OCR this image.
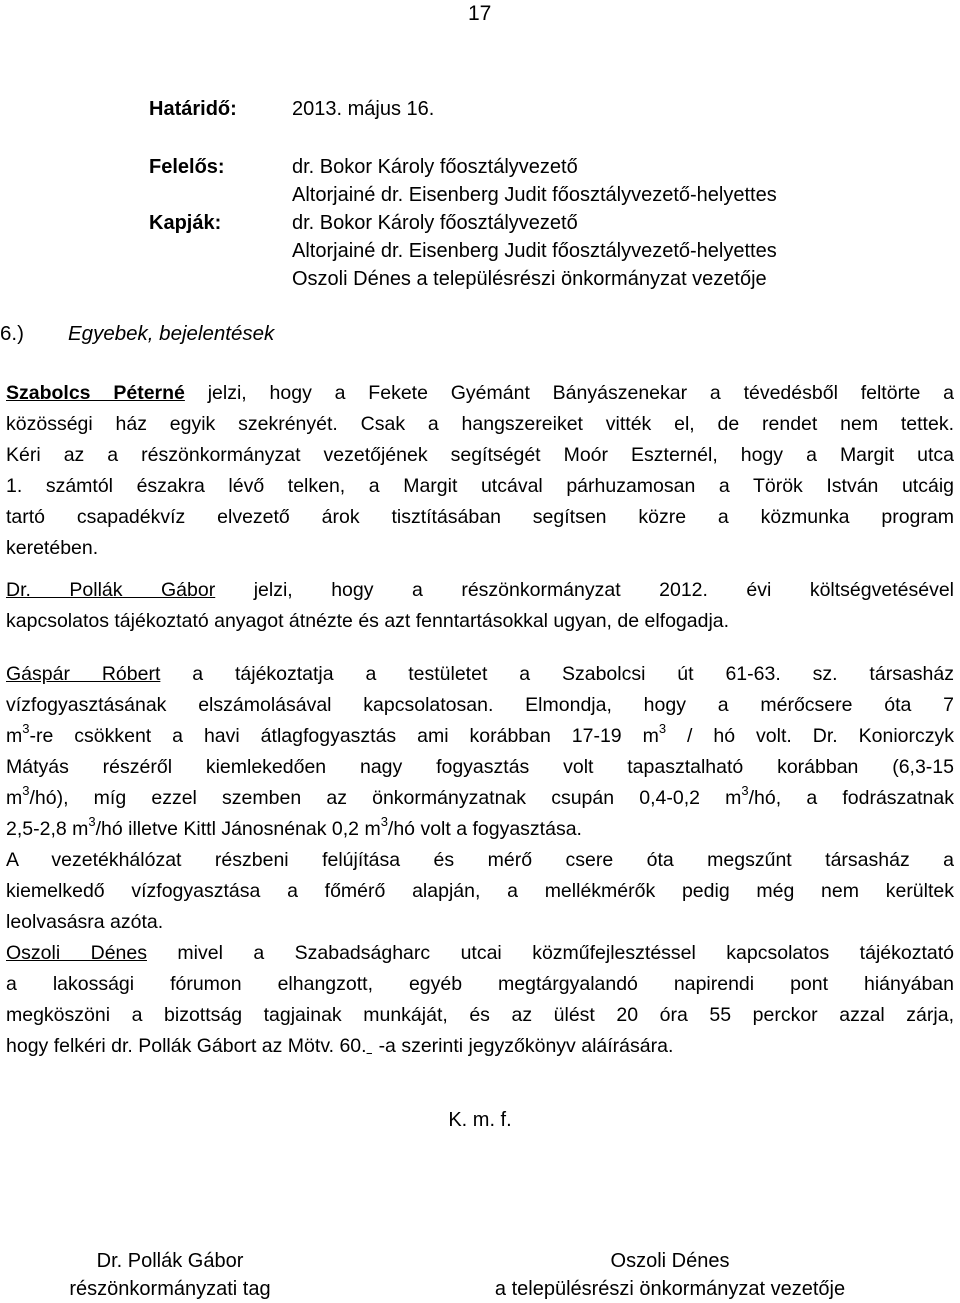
17
Határidő:	2013. május 16.
Felelős:	dr. Bokor Károly főosztályvezető
Altorjainé dr. Eisenberg Judit főosztályvezető-helyettes
Kapják:	dr. Bokor Károly főosztályvezető
Altorjainé dr. Eisenberg Judit főosztályvezető-helyettes
Oszoli Dénes a településrészi önkormányzat vezetője
6.) Egyebek, bejelentések
Szabolcs Péterné jelzi, hogy a Fekete Gyémánt Bányászenekar a tévedésből feltörte a
közösségi ház egyik szekrényét. Csak a hangszereiket vitték el, de rendet nem tettek.
Kéri az a részönkormányzat vezetőjének segítségét Moór Eszternél, hogy a Margit utca
1. számtól északra lévő telken, a Margit utcával párhuzamosan a Török István utcáig
tartó csapadékvíz elvezető árok tisztításában segítsen közre a közmunka program
keretében.
Dr. Pollák Gábor jelzi, hogy a részönkormányzat 2012. évi költségvetésével
kapcsolatos tájékoztató anyagot átnézte és azt fenntartásokkal ugyan, de elfogadja.
Gáspár Róbert a tájékoztatja a testületet a Szabolcsi út 61-63. sz. társasház
vízfogyasztásának elszámolásával kapcsolatosan. Elmondja, hogy a mérőcsere óta 7
$m^3-re$ csökkent a havi átlagfogyasztás ami korábban 17-19 $m^3$ / hó volt. Dr. Koniorczyk
Mátyás részéről kiemlekedően nagy fogyasztás volt tapasztalható korábban (6,3-15
$m^3/hó$), míg ezzel szemben az önkormányzatnak csupán 0,4-0,2 $m^3/hó$, a fodrászatnak
2,5-2,8 $m^3/hó$ illetve Kittl Jánosnénak 0,2 $m^3/hó$ volt a fogyasztása.
A vezetékhálózat részbeni felújítása és mérő csere óta megszűnt társasház a
kiemelkedő vízfogyasztása a főmérő alapján, a mellékmérők pedig még nem kerültek
leolvasásra azóta.
Oszoli Dénes mivel a Szabadságharc utcai közműfejlesztéssel kapcsolatos tájékoztató
a lakossági fórumon elhangzott, egyéb megtárgyalandó napirendi pont hiányában
megköszöni a bizottság tagjainak munkáját, és az ülést 20 óra 55 perckor azzal zárja,
hogy felkéri dr. Pollák Gábort az Mötv. 60. -a szerinti jegyzőkönyv aláírására.
K. m. f.
Dr. Pollák Gábor
részönkormányzati tag
Oszoli Dénes
a településrészi önkormányzat vezetője
